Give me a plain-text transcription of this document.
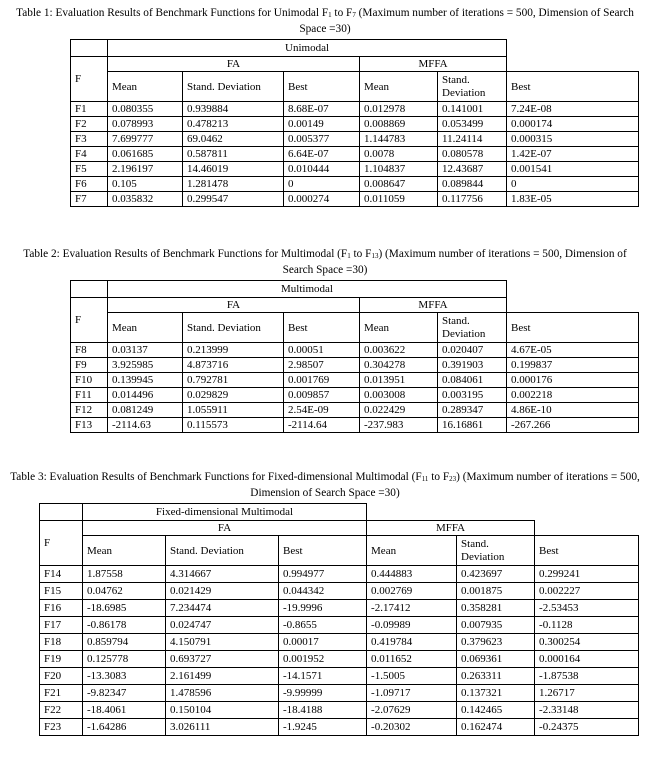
Table 1: Evaluation Results of Benchmark Functions for Unimodal $F_1$ to $F_7$ (Maximum number of iterations = 500, Dimension of Search Space =30)
	Unimodal					
F	FA			MFFA		
	Mean	Stand. Deviation	Best	Mean	Stand. Deviation	Best
F1	0.080355	0.939884	8.68E-07	0.012978	0.141001	7.24E-08
F2	0.078993	0.478213	0.00149	0.008869	0.053499	0.000174
F3	7.699777	69.0462	0.005377	1.144783	11.24114	0.000315
F4	0.061685	0.587811	6.64E-07	0.0078	0.080578	1.42E-07
F5	2.196197	14.46019	0.010444	1.104837	12.43687	0.001541
F6	0.105	1.281478	0	0.008647	0.089844	0
F7	0.035832	0.299547	0.000274	0.011059	0.117756	1.83E-05
Table 2: Evaluation Results of Benchmark Functions for Multimodal ($F_1$ to $F_{13}$) (Maximum number of iterations = 500, Dimension of Search Space =30)
	Multimodal					
F	FA			MFFA		
	Mean	Stand. Deviation	Best	Mean	Stand. Deviation	Best
F8	0.03137	0.213999	0.00051	0.003622	0.020407	4.67E-05
F9	3.925985	4.873716	2.98507	0.304278	0.391903	0.199837
F10	0.139945	0.792781	0.001769	0.013951	0.084061	0.000176
F11	0.014496	0.029829	0.009857	0.003008	0.003195	0.002218
F12	0.081249	1.055911	2.54E-09	0.022429	0.289347	4.86E-10
F13	-2114.63	0.115573	-2114.64	-237.983	16.16861	-267.266
Table 3: Evaluation Results of Benchmark Functions for Fixed-dimensional Multimodal ($F_{11}$ to $F_{23}$) (Maximum number of iterations = 500, Dimension of Search Space =30)
	Fixed-dimensional Multimodal					
F	FA			MFFA		
	Mean	Stand. Deviation	Best	Mean	Stand. Deviation	Best
F14	1.87558	4.314667	0.994977	0.444883	0.423697	0.299241
F15	0.04762	0.021429	0.044342	0.002769	0.001875	0.002227
F16	-18.6985	7.234474	-19.9996	-2.17412	0.358281	-2.53453
F17	-0.86178	0.024747	-0.8655	-0.09989	0.007935	-0.1128
F18	0.859794	4.150791	0.00017	0.419784	0.379623	0.300254
F19	0.125778	0.693727	0.001952	0.011652	0.069361	0.000164
F20	-13.3083	2.161499	-14.1571	-1.5005	0.263311	-1.87538
F21	-9.82347	1.478596	-9.99999	-1.09717	0.137321	1.26717
F22	-18.4061	0.150104	-18.4188	-2.07629	0.142465	-2.33148
F23	-1.64286	3.026111	-1.9245	-0.20302	0.162474	-0.24375
